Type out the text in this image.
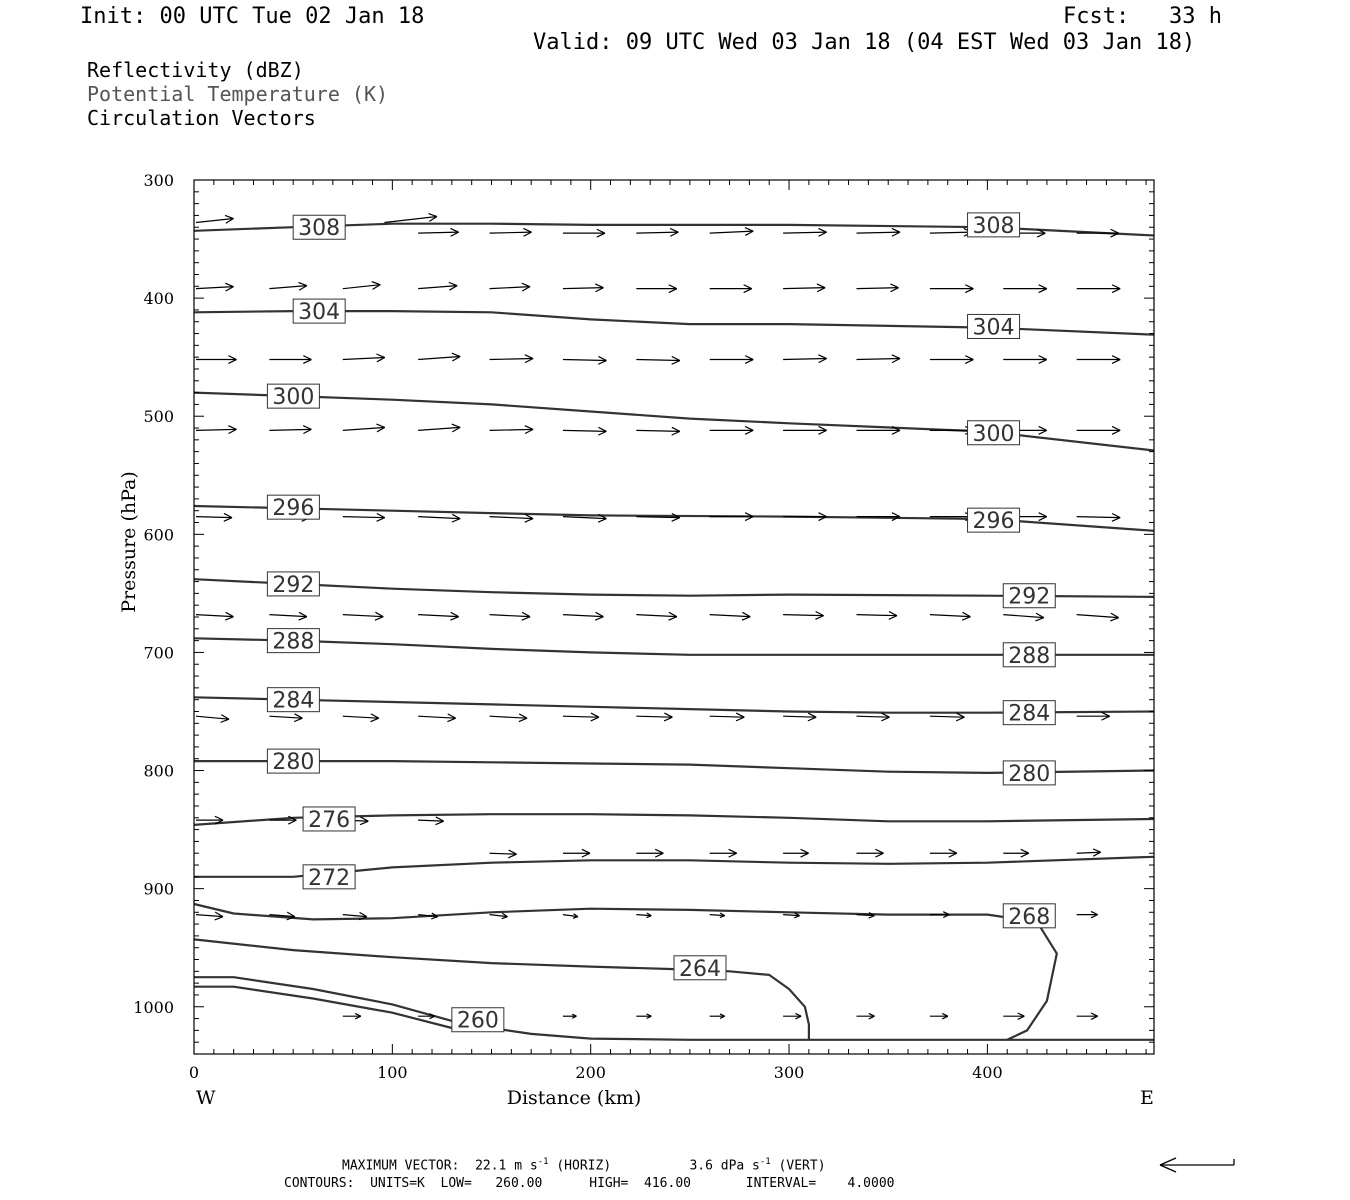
Init: 00 UTC Tue 02 Jan 18	Fcst:   33 h
Valid: 09 UTC Wed 03 Jan 18 (04 EST Wed 03 Jan 18)
Reflectivity (dBZ)
Potential Temperature (K)
Circulation Vectors
308	308
304
304
300
300
296
296
292	292
288
288
284
284
280	280
276
272
268
264
260
0	100	200	300	400
300
400
500
600
700
800
900
1000
W	E
Distance (km)
Pressure (hPa)
MAXIMUM VECTOR: 22.1 m $s^{-1}$ (HORIZ)	3.6 dPa $s^{-1}$ (VERT)
CONTOURS:  UNITS=K  LOW=   260.00      HIGH=  416.00       INTERVAL=    4.0000
